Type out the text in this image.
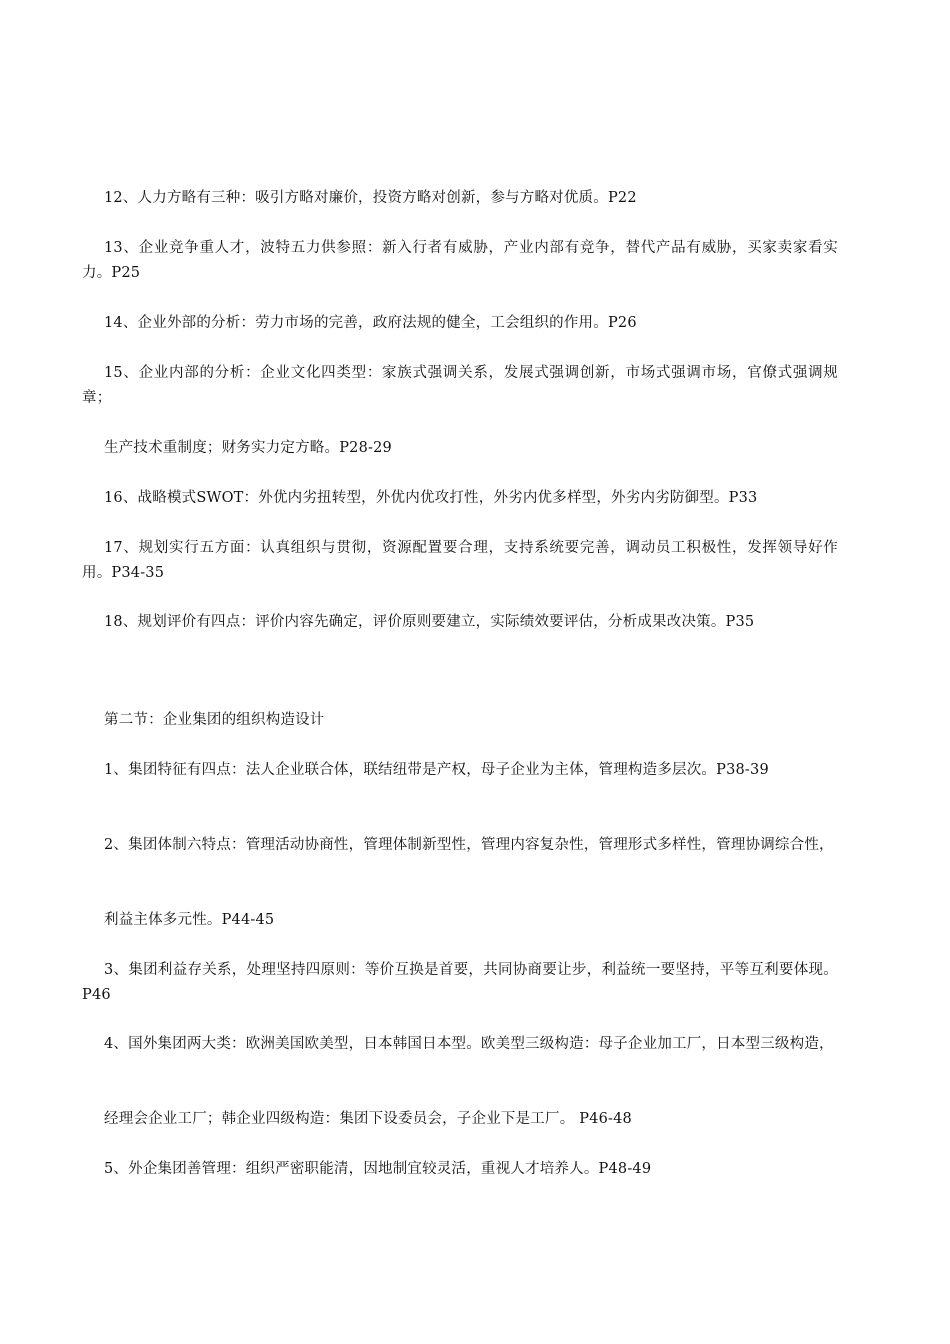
12、人力方略有三种：吸引方略对廉价，投资方略对创新，参与方略对优质。P22

13、企业竞争重人才，波特五力供参照：新入行者有威胁，产业内部有竞争，替代产品有威胁，买家卖家看实力。P25

14、企业外部的分析：劳力市场的完善，政府法规的健全，工会组织的作用。P26

15、企业内部的分析：企业文化四类型：家族式强调关系，发展式强调创新，市场式强调市场，官僚式强调规章；

生产技术重制度；财务实力定方略。P28-29

16、战略模式SWOT：外优内劣扭转型，外优内优攻打性，外劣内优多样型，外劣内劣防御型。P33

17、规划实行五方面：认真组织与贯彻，资源配置要合理，支持系统要完善，调动员工积极性，发挥领导好作用。P34-35

18、规划评价有四点：评价内容先确定，评价原则要建立，实际绩效要评估，分析成果改决策。P35

第二节：企业集团的组织构造设计

1、集团特征有四点：法人企业联合体，联结纽带是产权，母子企业为主体，管理构造多层次。P38-39

2、集团体制六特点：管理活动协商性，管理体制新型性，管理内容复杂性，管理形式多样性，管理协调综合性，

利益主体多元性。P44-45

3、集团利益存关系，处理坚持四原则：等价互换是首要，共同协商要让步，利益统一要坚持，平等互利要体现。P46

4、国外集团两大类：欧洲美国欧美型，日本韩国日本型。欧美型三级构造：母子企业加工厂，日本型三级构造，

经理会企业工厂；韩企业四级构造：集团下设委员会，子企业下是工厂。 P46-48

5、外企集团善管理：组织严密职能清，因地制宜较灵活，重视人才培养人。P48-49
